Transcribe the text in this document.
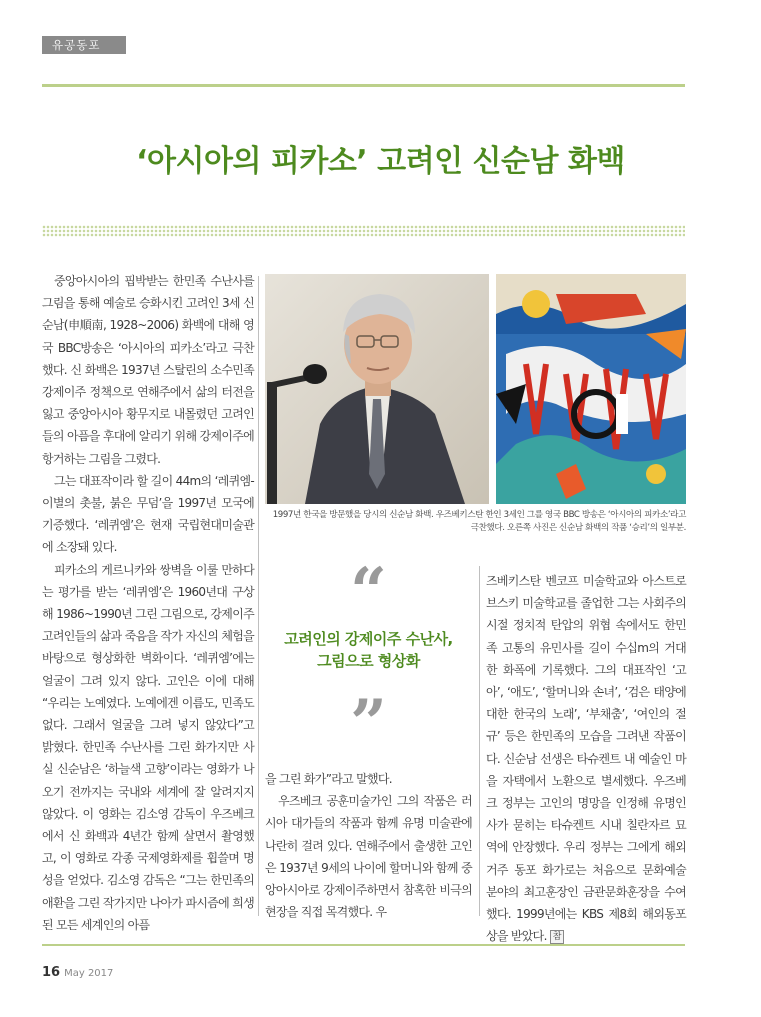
유공동포
‘아시아의 피카소’ 고려인 신순남 화백

중앙아시아의 핍박받는 한민족 수난사를 그림을 통해 예술로 승화시킨 고려인 3세 신순남(申順南, 1928~2006) 화백에 대해 영국 BBC방송은 ‘아시아의 피카소’라고 극찬했다. 신 화백은 1937년 스탈린의 소수민족 강제이주 정책으로 연해주에서 삶의 터전을 잃고 중앙아시아 황무지로 내몰렸던 고려인들의 아픔을 후대에 알리기 위해 강제이주에 항거하는 그림을 그렸다.

그는 대표작이라 할 길이 44m의 ‘레퀴엠-이별의 촛불, 붉은 무덤’을 1997년 모국에 기증했다. ‘레퀴엠’은 현재 국립현대미술관에 소장돼 있다.

피카소의 게르니카와 쌍벽을 이룰 만하다는 평가를 받는 ‘레퀴엠’은 1960년대 구상해 1986~1990년 그린 그림으로, 강제이주 고려인들의 삶과 죽음을 작가 자신의 체험을 바탕으로 형상화한 벽화이다. ‘레퀴엠’에는 얼굴이 그려 있지 않다. 고인은 이에 대해 “우리는 노예였다. 노예에겐 이름도, 민족도 없다. 그래서 얼굴을 그려 넣지 않았다”고 밝혔다. 한민족 수난사를 그린 화가지만 사실 신순남은 ‘하늘색 고향’이라는 영화가 나오기 전까지는 국내와 세계에 잘 알려지지 않았다. 이 영화는 김소영 감독이 우즈베크에서 신 화백과 4년간 함께 살면서 촬영했고, 이 영화로 각종 국제영화제를 휩쓸며 명성을 얻었다. 김소영 감독은 “그는 한민족의 애환을 그린 작가지만 나아가 파시즘에 희생된 모든 세계인의 아픔

1997년 한국을 방문했을 당시의 신순남 화백. 우즈베키스탄 한인 3세인 그를 영국 BBC 방송은 ‘아시아의 피카소’라고 극찬했다. 오른쪽 사진은 신순남 화백의 작품 ‘승리’의 일부분.
“
고려인의 강제이주 수난사,
그림으로 형상화
”

을 그린 화가”라고 말했다.
　우즈베크 공훈미술가인 그의 작품은 러시아 대가들의 작품과 함께 유명 미술관에 나란히 걸려 있다. 연해주에서 출생한 고인은 1937년 9세의 나이에 할머니와 함께 중앙아시아로 강제이주하면서 참혹한 비극의 현장을 직접 목격했다. 우

즈베키스탄 벤코프 미술학교와 아스트로브스키 미술학교를 졸업한 그는 사회주의 시절 정치적 탄압의 위협 속에서도 한민족 고통의 유민사를 길이 수십m의 거대한 화폭에 기록했다. 그의 대표작인 ‘고아’, ‘애도’, ‘할머니와 손녀’, ‘검은 태양에 대한 한국의 노래’, ‘부채춤’, ‘여인의 절규’ 등은 한민족의 모습을 그려낸 작품이다. 신순남 선생은 타슈켄트 내 예술인 마을 자택에서 노환으로 별세했다. 우즈베크 정부는 고인의 명망을 인정해 유명인사가 묻히는 타슈켄트 시내 칠란자르 묘역에 안장했다. 우리 정부는 그에게 해외거주 동포 화가로는 처음으로 문화예술 분야의 최고훈장인 금관문화훈장을 수여했다. 1999년에는 KBS 제8회 해외동포상을 받았다. 참

16 May 2017
